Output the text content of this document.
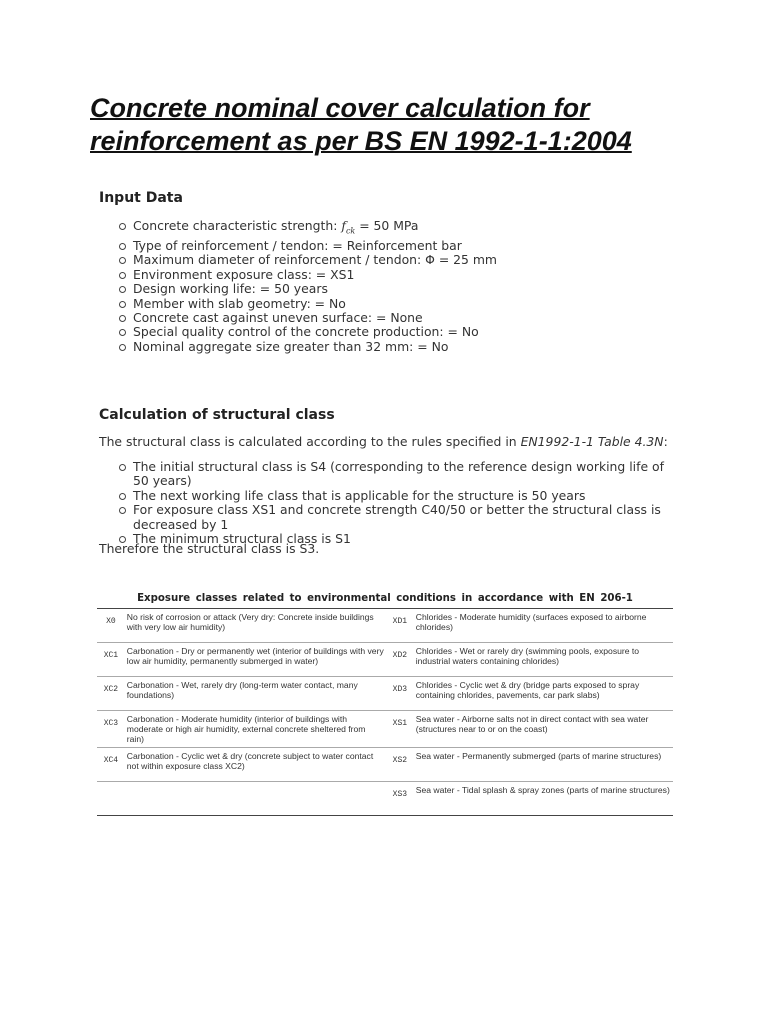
Concrete nominal cover calculation for
reinforcement as per BS EN 1992-1-1:2004
Input Data
Concrete characteristic strength: $f_{ck} = 50$ MPa
Type of reinforcement / tendon: = Reinforcement bar
Maximum diameter of reinforcement / tendon: Φ = 25 mm
Environment exposure class: = XS1
Design working life: = 50 years
Member with slab geometry: = No
Concrete cast against uneven surface: = None
Special quality control of the concrete production: = No
Nominal aggregate size greater than 32 mm: = No
Calculation of structural class

The structural class is calculated according to the rules specified in EN1992-1-1 Table 4.3N:

The initial structural class is S4 (corresponding to the reference design working life of 50 years)
The next working life class that is applicable for the structure is 50 years
For exposure class XS1 and concrete strength C40/50 or better the structural class is decreased by 1
The minimum structural class is S1

Therefore the structural class is S3.

Exposure classes related to environmental conditions in accordance with EN 206-1
X0	No risk of corrosion or attack (Very dry: Concrete inside buildings with very low air humidity)	XD1	Chlorides - Moderate humidity (surfaces exposed to airborne chlorides)
XC1	Carbonation - Dry or permanently wet (interior of buildings with very low air humidity, permanently submerged in water)	XD2	Chlorides - Wet or rarely dry (swimming pools, exposure to industrial waters containing chlorides)
XC2	Carbonation - Wet, rarely dry (long-term water contact, many foundations)	XD3	Chlorides - Cyclic wet & dry (bridge parts exposed to spray containing chlorides, pavements, car park slabs)
XC3	Carbonation - Moderate humidity (interior of buildings with moderate or high air humidity, external concrete sheltered from rain)	XS1	Sea water - Airborne salts not in direct contact with sea water (structures near to or on the coast)
XC4	Carbonation - Cyclic wet & dry (concrete subject to water contact not within exposure class XC2)	XS2	Sea water - Permanently submerged (parts of marine structures)
		XS3	Sea water - Tidal splash & spray zones (parts of marine structures)
